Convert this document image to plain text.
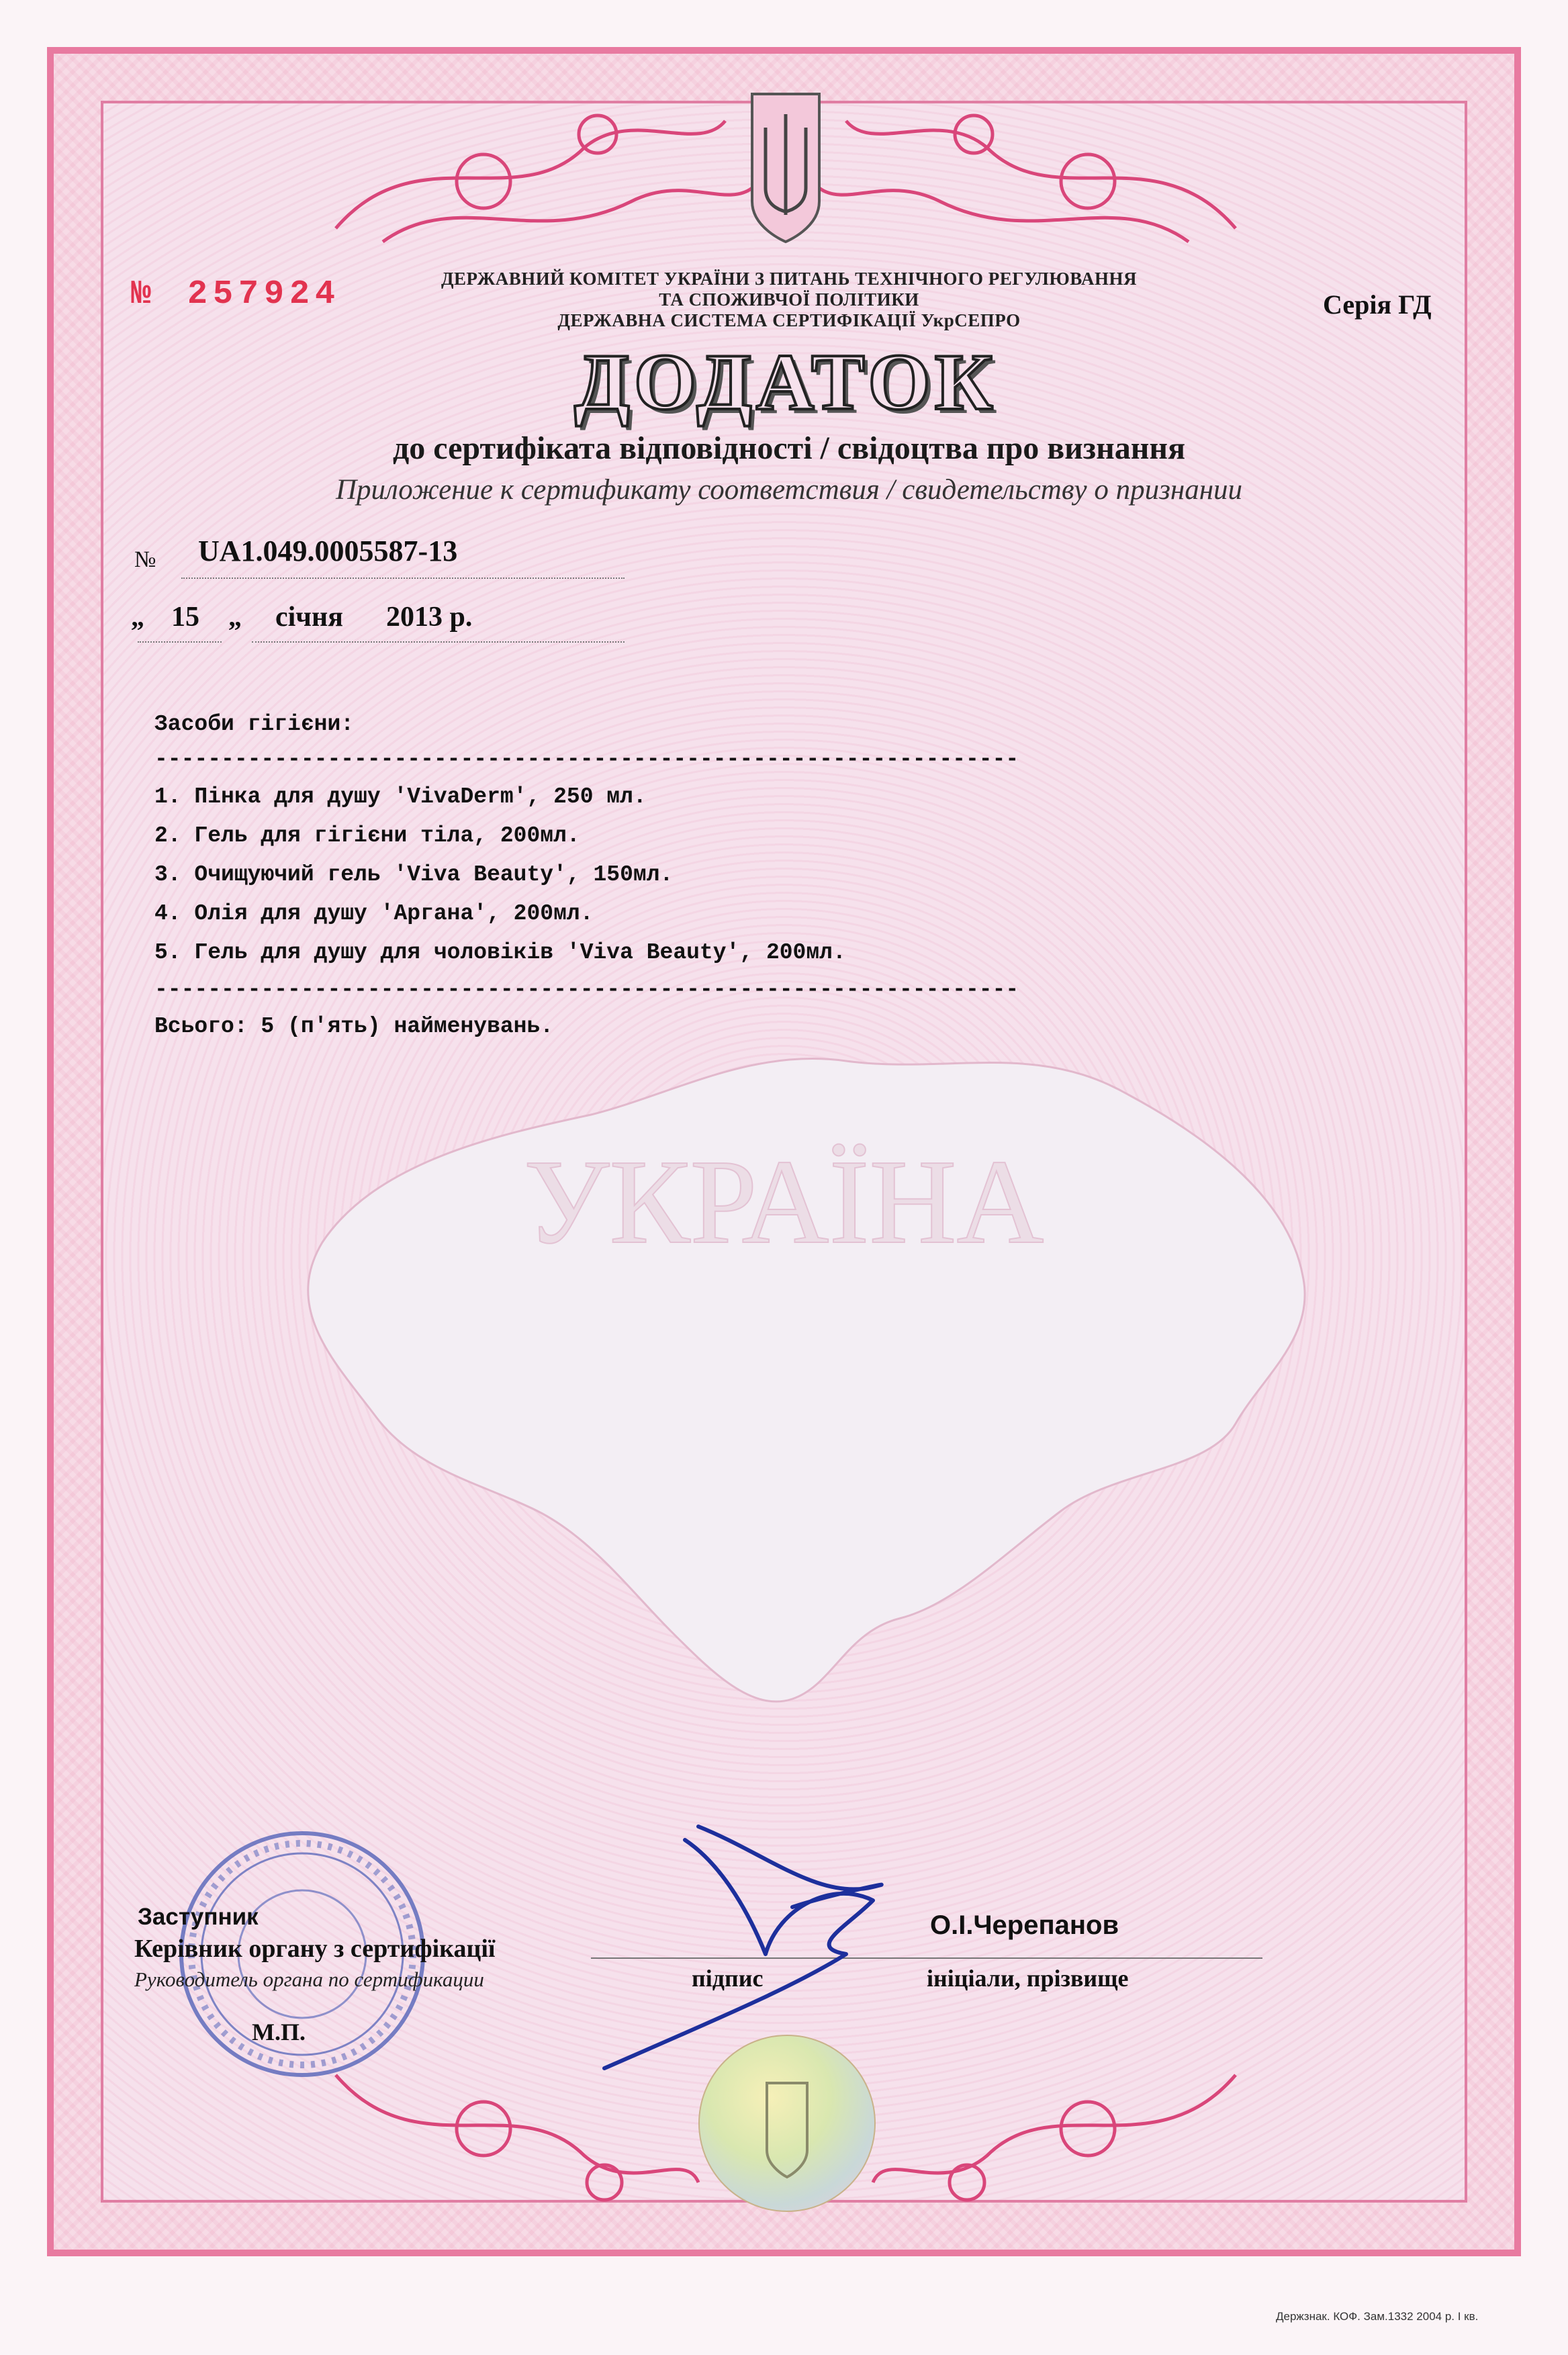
УКРАЇНА
№ 257924	Серія ГД
ДЕРЖАВНИЙ КОМІТЕТ УКРАЇНИ З ПИТАНЬ ТЕХНІЧНОГО РЕГУЛЮВАННЯ
ТА СПОЖИВЧОЇ ПОЛІТИКИ
ДЕРЖАВНА СИСТЕМА СЕРТИФІКАЦІЇ УкрСЕПРО
ДОДАТОК
до сертифіката відповідності / свідоцтва про визнання
Приложение к сертификату соответствия / свидетельству о признании
№ UA1.049.0005587-13
„ 15 „ січня 2013 р.
Засоби гігієни:
-----------------------------------------------------------------
1. Пінка для душу 'VivaDerm', 250 мл.
2. Гель для гігієни тіла, 200мл.
3. Очищуючий гель 'Viva Beauty', 150мл.
4. Олія для душу 'Аргана', 200мл.
5. Гель для душу для чоловіків 'Viva Beauty', 200мл.
-----------------------------------------------------------------
Всього: 5 (п'ять) найменувань.
Заступник
Керівник органу з сертифікації
Руководитель органа по сертификации
М.П.
підпис
О.І.Черепанов
ініціали, прізвище
Держзнак. КОФ. Зам.1332 2004 р. І кв.
